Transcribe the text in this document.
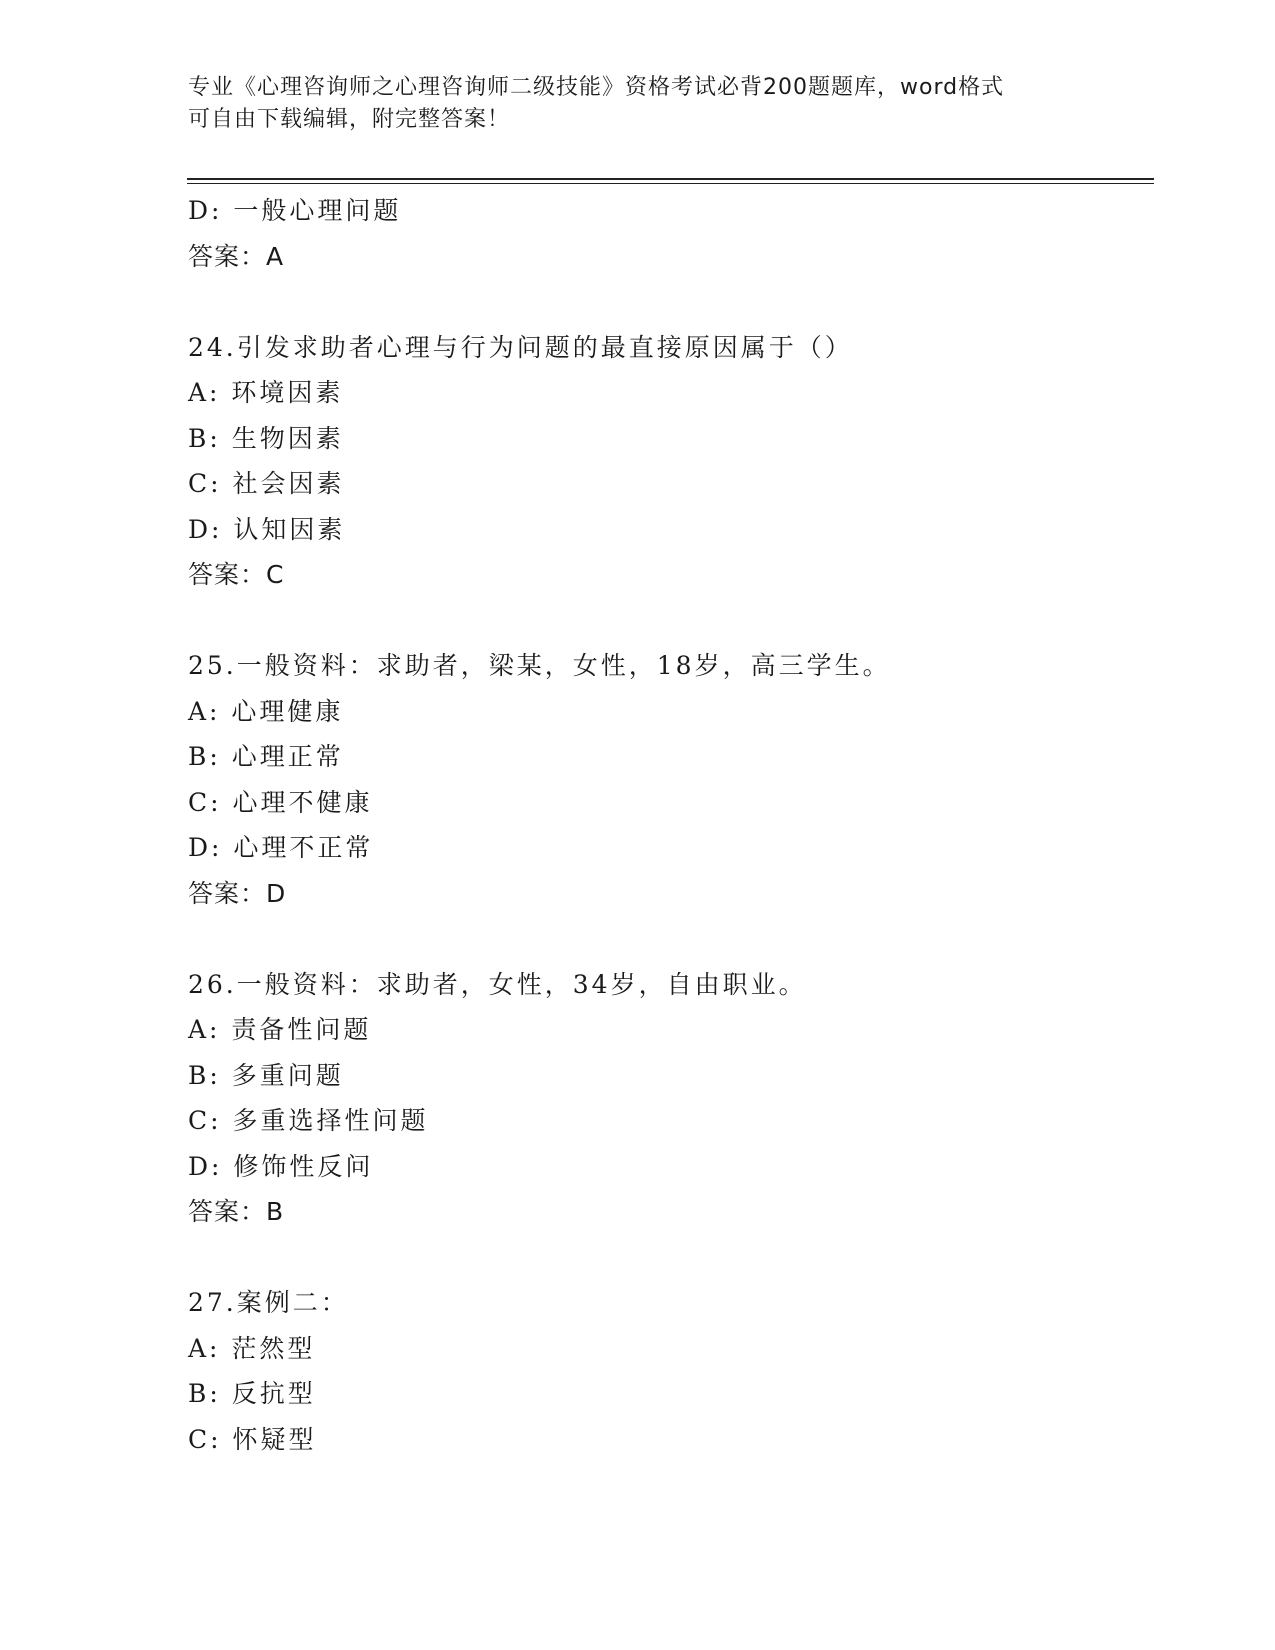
专业《心理咨询师之心理咨询师二级技能》资格考试必背200题题库，word格式
可自由下载编辑，附完整答案！
D: 一般心理问题
答案：A
24.引发求助者心理与行为问题的最直接原因属于（）
A: 环境因素
B: 生物因素
C: 社会因素
D: 认知因素
答案：C
25.一般资料：求助者，梁某，女性，18岁，高三学生。
A: 心理健康
B: 心理正常
C: 心理不健康
D: 心理不正常
答案：D
26.一般资料：求助者，女性，34岁，自由职业。
A: 责备性问题
B: 多重问题
C: 多重选择性问题
D: 修饰性反问
答案：B
27.案例二：
A: 茫然型
B: 反抗型
C: 怀疑型
